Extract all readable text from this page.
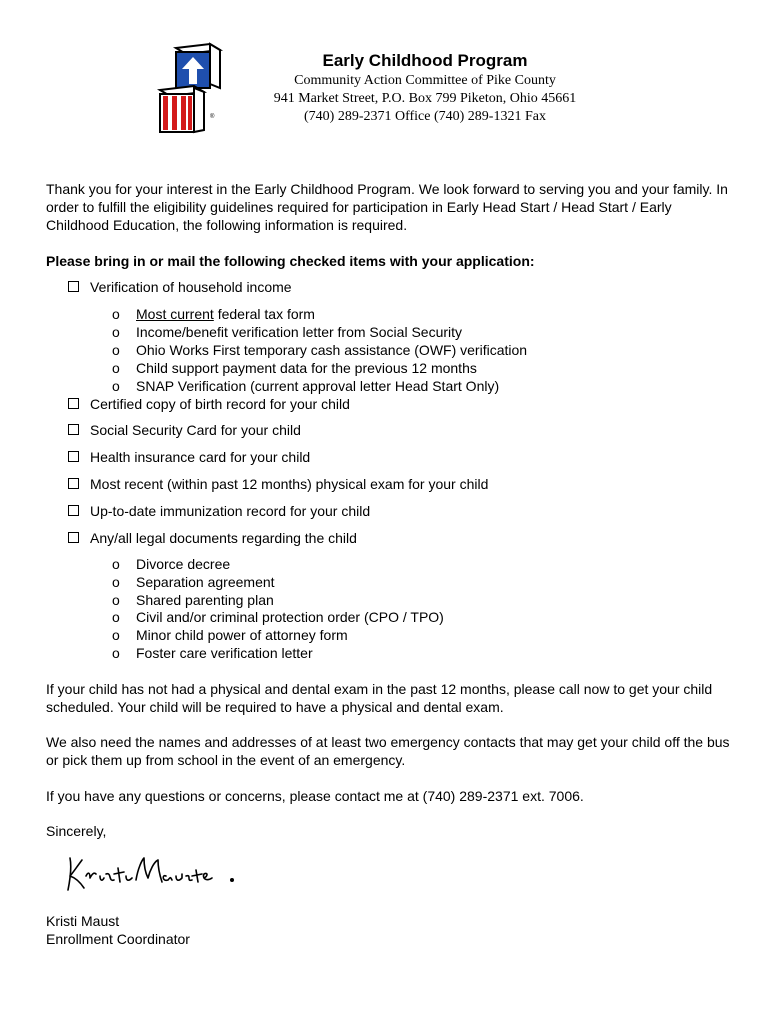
®

Early Childhood Program

Community Action Committee of Pike County

941 Market Street, P.O. Box 799 Piketon, Ohio 45661

(740) 289-2371 Office (740) 289-1321 Fax

Thank you for your interest in the Early Childhood Program. We look forward to serving you and your family. In order to fulfill the eligibility guidelines required for participation in Early Head Start / Head Start / Early Childhood Education, the following information is required.

Please bring in or mail the following checked items with your application:

Verification of household income
o Most current federal tax form
o Income/benefit verification letter from Social Security
o Ohio Works First temporary cash assistance (OWF) verification
o Child support payment data for the previous 12 months
o SNAP Verification (current approval letter Head Start Only)
Certified copy of birth record for your child
Social Security Card for your child
Health insurance card for your child
Most recent (within past 12 months) physical exam for your child
Up-to-date immunization record for your child
Any/all legal documents regarding the child
o Divorce decree
o Separation agreement
o Shared parenting plan
o Civil and/or criminal protection order (CPO / TPO)
o Minor child power of attorney form
o Foster care verification letter

If your child has not had a physical and dental exam in the past 12 months, please call now to get your child scheduled. Your child will be required to have a physical and dental exam.

We also need the names and addresses of at least two emergency contacts that may get your child off the bus or pick them up from school in the event of an emergency.

If you have any questions or concerns, please contact me at (740) 289-2371 ext. 7006.

Sincerely,

Kristi Maust

Enrollment Coordinator
